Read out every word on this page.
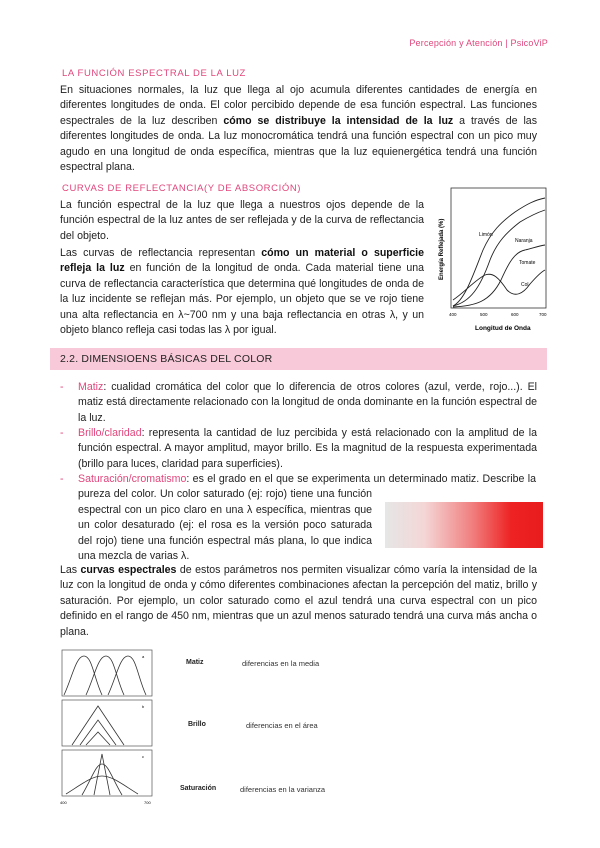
Percepción y Atención | PsicoViP
LA FUNCIÓN ESPECTRAL DE LA LUZ

En situaciones normales, la luz que llega al ojo acumula diferentes cantidades de energía en diferentes longitudes de onda. El color percibido depende de esa función espectral. Las funciones espectrales de la luz describen cómo se distribuye la intensidad de la luz a través de las diferentes longitudes de onda. La luz monocromática tendrá una función espectral con un pico muy agudo en una longitud de onda específica, mientras que la luz equienergética tendrá una función espectral plana.

CURVAS DE REFLECTANCIA(Y DE ABSORCIÓN)

La función espectral de la luz que llega a nuestros ojos depende de la función espectral de la luz antes de ser reflejada y de la curva de reflectancia del objeto.

Las curvas de reflectancia representan cómo un material o superficie refleja la luz en función de la longitud de onda. Cada material tiene una curva de reflectancia característica que determina qué longitudes de onda de la luz incidente se reflejan más. Por ejemplo, un objeto que se ve rojo tiene una alta reflectancia en λ~700 nm y una baja reflectancia en otras λ, y un objeto blanco refleja casi todas las λ por igual.

Energía Reflejada (%)	Limón
Naranja
Tomate
Col
400	500	600	700
Longitud de Onda
2.2. DIMENSIOENS BÁSICAS DEL COLOR
-	Matiz: cualidad cromática del color que lo diferencia de otros colores (azul, verde, rojo...). El matiz está directamente relacionado con la longitud de onda dominante en la función espectral de la luz.
-	Brillo/claridad: representa la cantidad de luz percibida y está relacionado con la amplitud de la función espectral. A mayor amplitud, mayor brillo. Es la magnitud de la respuesta experimentada (brillo para luces, claridad para superficies).
-	Saturación/cromatismo: es el grado en el que se experimenta un determinado matiz. Describe la pureza del color. Un color saturado (ej: rojo) tiene una función espectral con un pico claro en una λ específica, mientras que un color desaturado (ej: el rosa es la versión poco saturada del rojo) tiene una función espectral más plana, lo que indica una mezcla de varias λ.

Las curvas espectrales de estos parámetros nos permiten visualizar cómo varía la intensidad de la luz con la longitud de onda y cómo diferentes combinaciones afectan la percepción del matiz, brillo y saturación. Por ejemplo, un color saturado como el azul tendrá una curva espectral con un pico definido en el rango de 450 nm, mientras que un azul menos saturado tendrá una curva más ancha o plana.

a
b
c
400	700
Matiz	diferencias en la media
Brillo	diferencias en el área
Saturación	diferencias en la varianza
